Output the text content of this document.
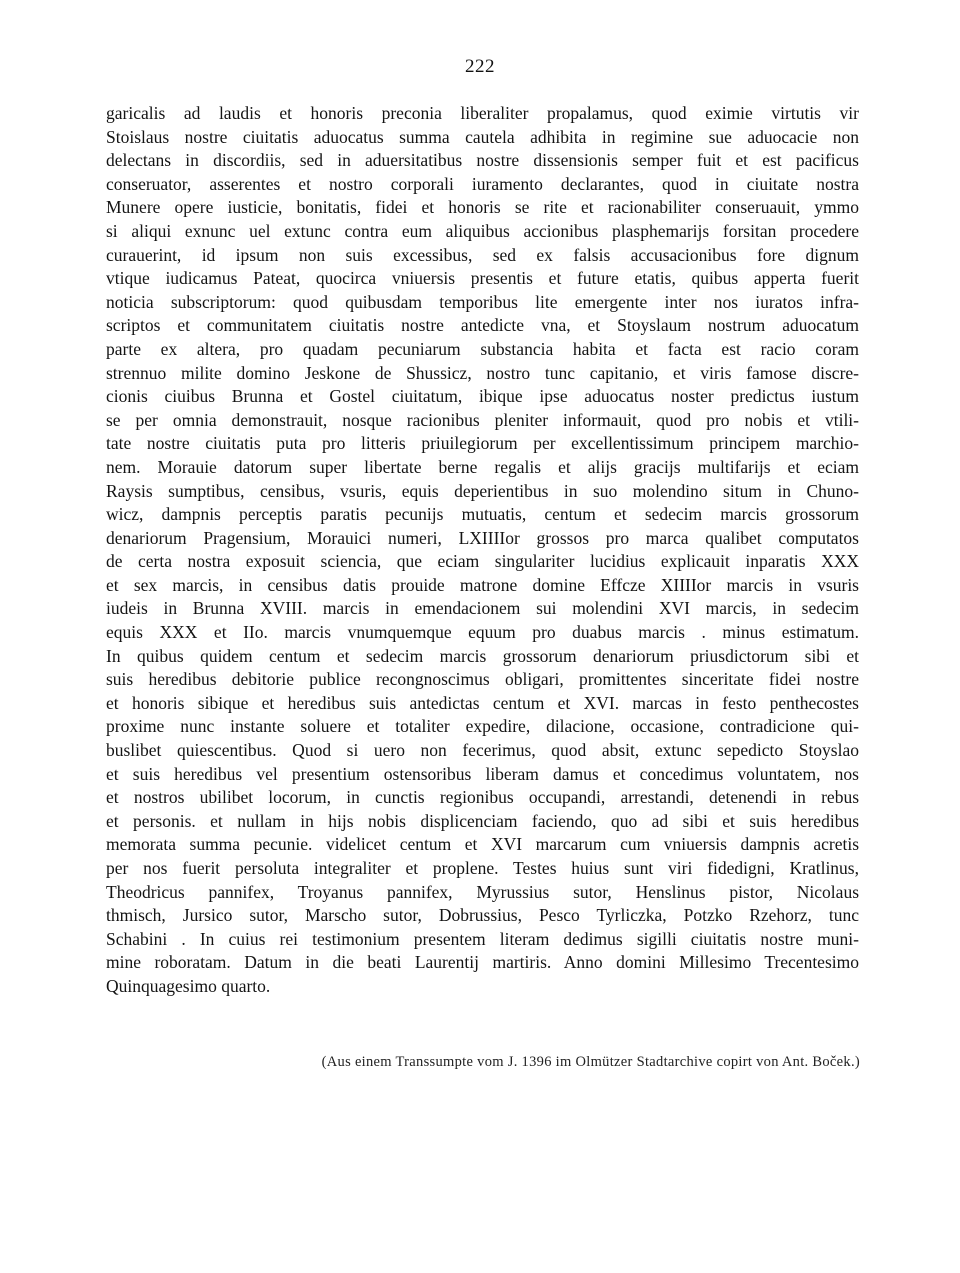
222
garicalis ad laudis et honoris preconia liberaliter propalamus, quod eximie virtutis vir
Stoislaus nostre ciuitatis aduocatus summa cautela adhibita in regimine sue aduocacie non
delectans in discordiis, sed in aduersitatibus nostre dissensionis semper fuit et est pacificus
conseruator, asserentes et nostro corporali iuramento declarantes, quod in ciuitate nostra
Munere opere iusticie, bonitatis, fidei et honoris se rite et racionabiliter conseruauit, ymmo
si aliqui exnunc uel extunc contra eum aliquibus accionibus plasphemarijs forsitan procedere
curauerint, id ipsum non suis excessibus, sed ex falsis accusacionibus fore dignum
vtique iudicamus Pateat, quocirca vniuersis presentis et future etatis, quibus apperta fuerit
noticia subscriptorum: quod quibusdam temporibus lite emergente inter nos iuratos infra-
scriptos et communitatem ciuitatis nostre antedicte vna, et Stoyslaum nostrum aduocatum
parte ex altera, pro quadam pecuniarum substancia habita et facta est racio coram
strennuo milite domino Jeskone de Shussicz, nostro tunc capitanio, et viris famose discre-
cionis ciuibus Brunna et Gostel ciuitatum, ibique ipse aduocatus noster predictus iustum
se per omnia demonstrauit, nosque racionibus pleniter informauit, quod pro nobis et vtili-
tate nostre ciuitatis puta pro litteris priuilegiorum per excellentissimum principem marchio-
nem. Morauie datorum super libertate berne regalis et alijs gracijs multifarijs et eciam
Raysis sumptibus, censibus, vsuris, equis deperientibus in suo molendino situm in Chuno-
wicz, dampnis perceptis paratis pecunijs mutuatis, centum et sedecim marcis grossorum
denariorum Pragensium, Morauici numeri, LXIIIIor grossos pro marca qualibet computatos
de certa nostra exposuit sciencia, que eciam singulariter lucidius explicauit inparatis XXX
et sex marcis, in censibus datis prouide matrone domine Effcze XIIIIor marcis in vsuris
iudeis in Brunna XVIII. marcis in emendacionem sui molendini XVI marcis, in sedecim
equis XXX et IIo. marcis vnumquemque equum pro duabus marcis . minus estimatum.
In quibus quidem centum et sedecim marcis grossorum denariorum priusdictorum sibi et
suis heredibus debitorie publice recongnoscimus obligari, promittentes sinceritate fidei nostre
et honoris sibique et heredibus suis antedictas centum et XVI. marcas in festo penthecostes
proxime nunc instante soluere et totaliter expedire, dilacione, occasione, contradicione qui-
buslibet quiescentibus. Quod si uero non fecerimus, quod absit, extunc sepedicto Stoyslao
et suis heredibus vel presentium ostensoribus liberam damus et concedimus voluntatem, nos
et nostros ubilibet locorum, in cunctis regionibus occupandi, arrestandi, detenendi in rebus
et personis. et nullam in hijs nobis displicenciam faciendo, quo ad sibi et suis heredibus
memorata summa pecunie. videlicet centum et XVI marcarum cum vniuersis dampnis acretis
per nos fuerit persoluta integraliter et proplene. Testes huius sunt viri fidedigni, Kratlinus,
Theodricus pannifex, Troyanus pannifex, Myrussius sutor, Henslinus pistor, Nicolaus
thmisch, Jursico sutor, Marscho sutor, Dobrussius, Pesco Tyrliczka, Potzko Rzehorz, tunc
Schabini . In cuius rei testimonium presentem literam dedimus sigilli ciuitatis nostre muni-
mine roboratam. Datum in die beati Laurentij martiris. Anno domini Millesimo Trecentesimo
Quinquagesimo quarto.
(Aus einem Transsumpte vom J. 1396 im Olmützer Stadtarchive copirt von Ant. Boček.)
